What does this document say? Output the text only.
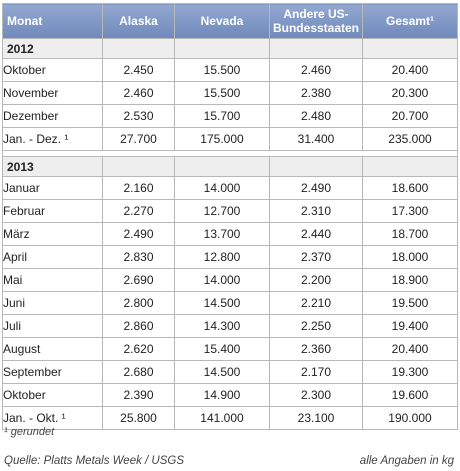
Monat	Alaska	Nevada	Andere US-Bundesstaaten	Gesamt¹
2012				
Oktober	2.450	15.500	2.460	20.400
November	2.460	15.500	2.380	20.300
Dezember	2.530	15.700	2.480	20.700
Jan. - Dez. ¹	27.700	175.000	31.400	235.000

2013				
Januar	2.160	14.000	2.490	18.600
Februar	2.270	12.700	2.310	17.300
März	2.490	13.700	2.440	18.700
April	2.830	12.800	2.370	18.000
Mai	2.690	14.000	2.200	18.900
Juni	2.800	14.500	2.210	19.500
Juli	2.860	14.300	2.250	19.400
August	2.620	15.400	2.360	20.400
September	2.680	14.500	2.170	19.300
Oktober	2.390	14.900	2.300	19.600
Jan. - Okt. ¹	25.800	141.000	23.100	190.000
¹ gerundet
Quelle: Platts Metals Week / USGS	alle Angaben in kg
